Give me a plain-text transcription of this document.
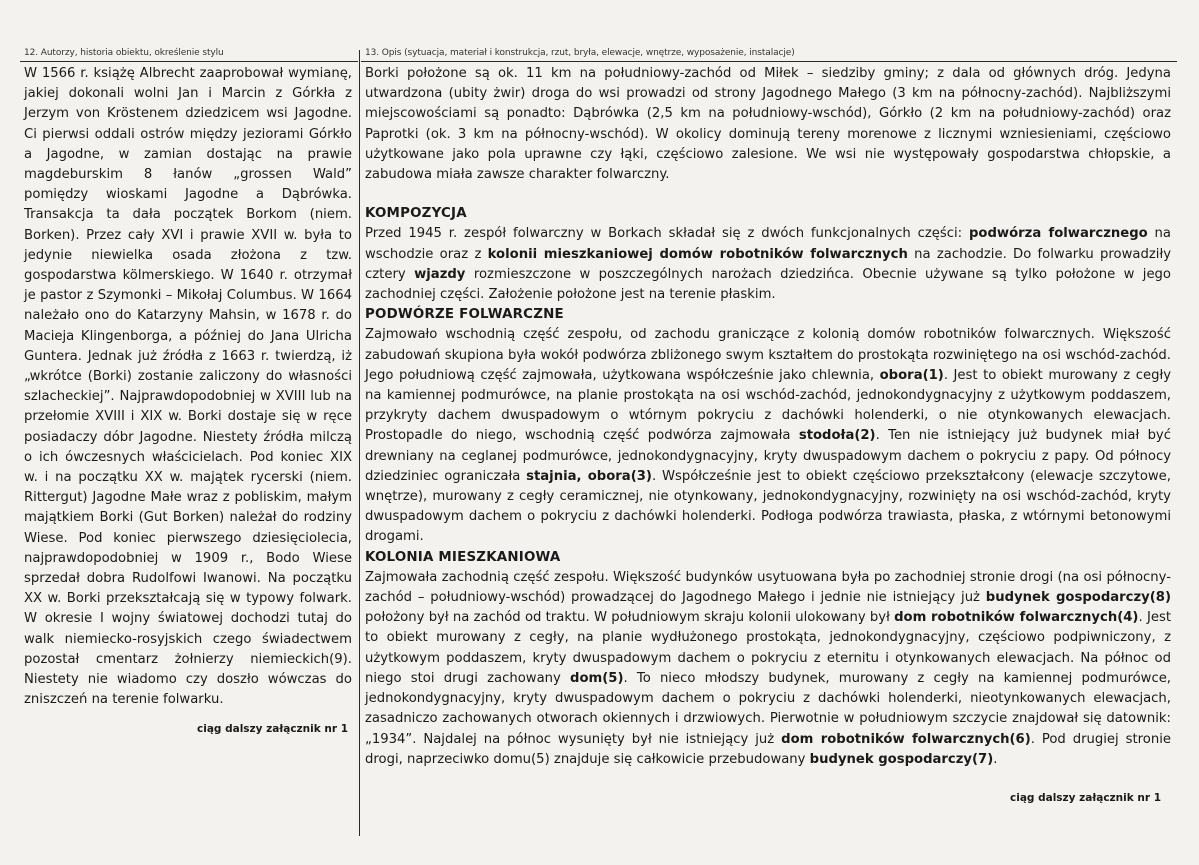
12. Autorzy, historia obiektu, określenie stylu

W 1566 r. książę Albrecht zaaprobował wymianę, jakiej dokonali wolni Jan i Marcin z Górkła z Jerzym von Kröstenem dziedzicem wsi Jagodne. Ci pierwsi oddali ostrów między jeziorami Górkło a Jagodne, w zamian dostając na prawie magdeburskim 8 łanów „grossen Wald” pomiędzy wioskami Jagodne a Dąbrówka. Transakcja ta dała początek Borkom (niem. Borken). Przez cały XVI i prawie XVII w. była to jedynie niewielka osada złożona z tzw. gospodarstwa kölmerskiego. W 1640 r. otrzymał je pastor z Szymonki – Mikołaj Columbus. W 1664 należało ono do Katarzyny Mahsin, w 1678 r. do Macieja Klingenborga, a później do Jana Ulricha Guntera. Jednak już źródła z 1663 r. twierdzą, iż „wkrótce (Borki) zostanie zaliczony do własności szlacheckiej”. Najprawdopodobniej w XVIII lub na przełomie XVIII i XIX w. Borki dostaje się w ręce posiadaczy dóbr Jagodne. Niestety źródła milczą o ich ówczesnych właścicielach. Pod koniec XIX w. i na początku XX w. majątek rycerski (niem. Rittergut) Jagodne Małe wraz z pobliskim, małym majątkiem Borki (Gut Borken) należał do rodziny Wiese. Pod koniec pierwszego dziesięciolecia, najprawdopodobniej w 1909 r., Bodo Wiese sprzedał dobra Rudolfowi Iwanowi. Na początku XX w. Borki przekształcają się w typowy folwark. W okresie I wojny światowej dochodzi tutaj do walk niemiecko-rosyjskich czego świadectwem pozostał cmentarz żołnierzy niemieckich(9). Niestety nie wiadomo czy doszło wówczas do zniszczeń na terenie folwarku.

ciąg dalszy załącznik nr 1
13. Opis (sytuacja, materiał i konstrukcja, rzut, bryła, elewacje, wnętrze, wyposażenie, instalacje)

Borki położone są ok. 11 km na południowy-zachód od Miłek – siedziby gminy; z dala od głównych dróg. Jedyna utwardzona (ubity żwir) droga do wsi prowadzi od strony Jagodnego Małego (3 km na północny-zachód). Najbliższymi miejscowościami są ponadto: Dąbrówka (2,5 km na południowy-wschód), Górkło (2 km na południowy-zachód) oraz Paprotki (ok. 3 km na północny-wschód). W okolicy dominują tereny morenowe z licznymi wzniesieniami, częściowo użytkowane jako pola uprawne czy łąki, częściowo zalesione. We wsi nie występowały gospodarstwa chłopskie, a zabudowa miała zawsze charakter folwarczny.

KOMPOZYCJA

Przed 1945 r. zespół folwarczny w Borkach składał się z dwóch funkcjonalnych części: podwórza folwarcznego na wschodzie oraz z kolonii mieszkaniowej domów robotników folwarcznych na zachodzie. Do folwarku prowadziły cztery wjazdy rozmieszczone w poszczególnych narożach dziedzińca. Obecnie używane są tylko położone w jego zachodniej części. Założenie położone jest na terenie płaskim.

PODWÓRZE FOLWARCZNE

Zajmowało wschodnią część zespołu, od zachodu graniczące z kolonią domów robotników folwarcznych. Większość zabudowań skupiona była wokół podwórza zbliżonego swym kształtem do prostokąta rozwiniętego na osi wschód-zachód. Jego południową część zajmowała, użytkowana współcześnie jako chlewnia, obora(1). Jest to obiekt murowany z cegły na kamiennej podmurówce, na planie prostokąta na osi wschód-zachód, jednokondygnacyjny z użytkowym poddaszem, przykryty dachem dwuspadowym o wtórnym pokryciu z dachówki holenderki, o nie otynkowanych elewacjach. Prostopadle do niego, wschodnią część podwórza zajmowała stodoła(2). Ten nie istniejący już budynek miał być drewniany na ceglanej podmurówce, jednokondygnacyjny, kryty dwuspadowym dachem o pokryciu z papy. Od północy dziedziniec ograniczała stajnia, obora(3). Współcześnie jest to obiekt częściowo przekształcony (elewacje szczytowe, wnętrze), murowany z cegły ceramicznej, nie otynkowany, jednokondygnacyjny, rozwinięty na osi wschód-zachód, kryty dwuspadowym dachem o pokryciu z dachówki holenderki. Podłoga podwórza trawiasta, płaska, z wtórnymi betonowymi drogami.

KOLONIA MIESZKANIOWA

Zajmowała zachodnią część zespołu. Większość budynków usytuowana była po zachodniej stronie drogi (na osi północny-zachód – południowy-wschód) prowadzącej do Jagodnego Małego i jednie nie istniejący już budynek gospodarczy(8) położony był na zachód od traktu. W południowym skraju kolonii ulokowany był dom robotników folwarcznych(4). Jest to obiekt murowany z cegły, na planie wydłużonego prostokąta, jednokondygnacyjny, częściowo podpiwniczony, z użytkowym poddaszem, kryty dwuspadowym dachem o pokryciu z eternitu i otynkowanych elewacjach. Na północ od niego stoi drugi zachowany dom(5). To nieco młodszy budynek, murowany z cegły na kamiennej podmurówce, jednokondygnacyjny, kryty dwuspadowym dachem o pokryciu z dachówki holenderki, nieotynkowanych elewacjach, zasadniczo zachowanych otworach okiennych i drzwiowych. Pierwotnie w południowym szczycie znajdował się datownik: „1934”. Najdalej na północ wysunięty był nie istniejący już dom robotników folwarcznych(6). Pod drugiej stronie drogi, naprzeciwko domu(5) znajduje się całkowicie przebudowany budynek gospodarczy(7).

ciąg dalszy załącznik nr 1
